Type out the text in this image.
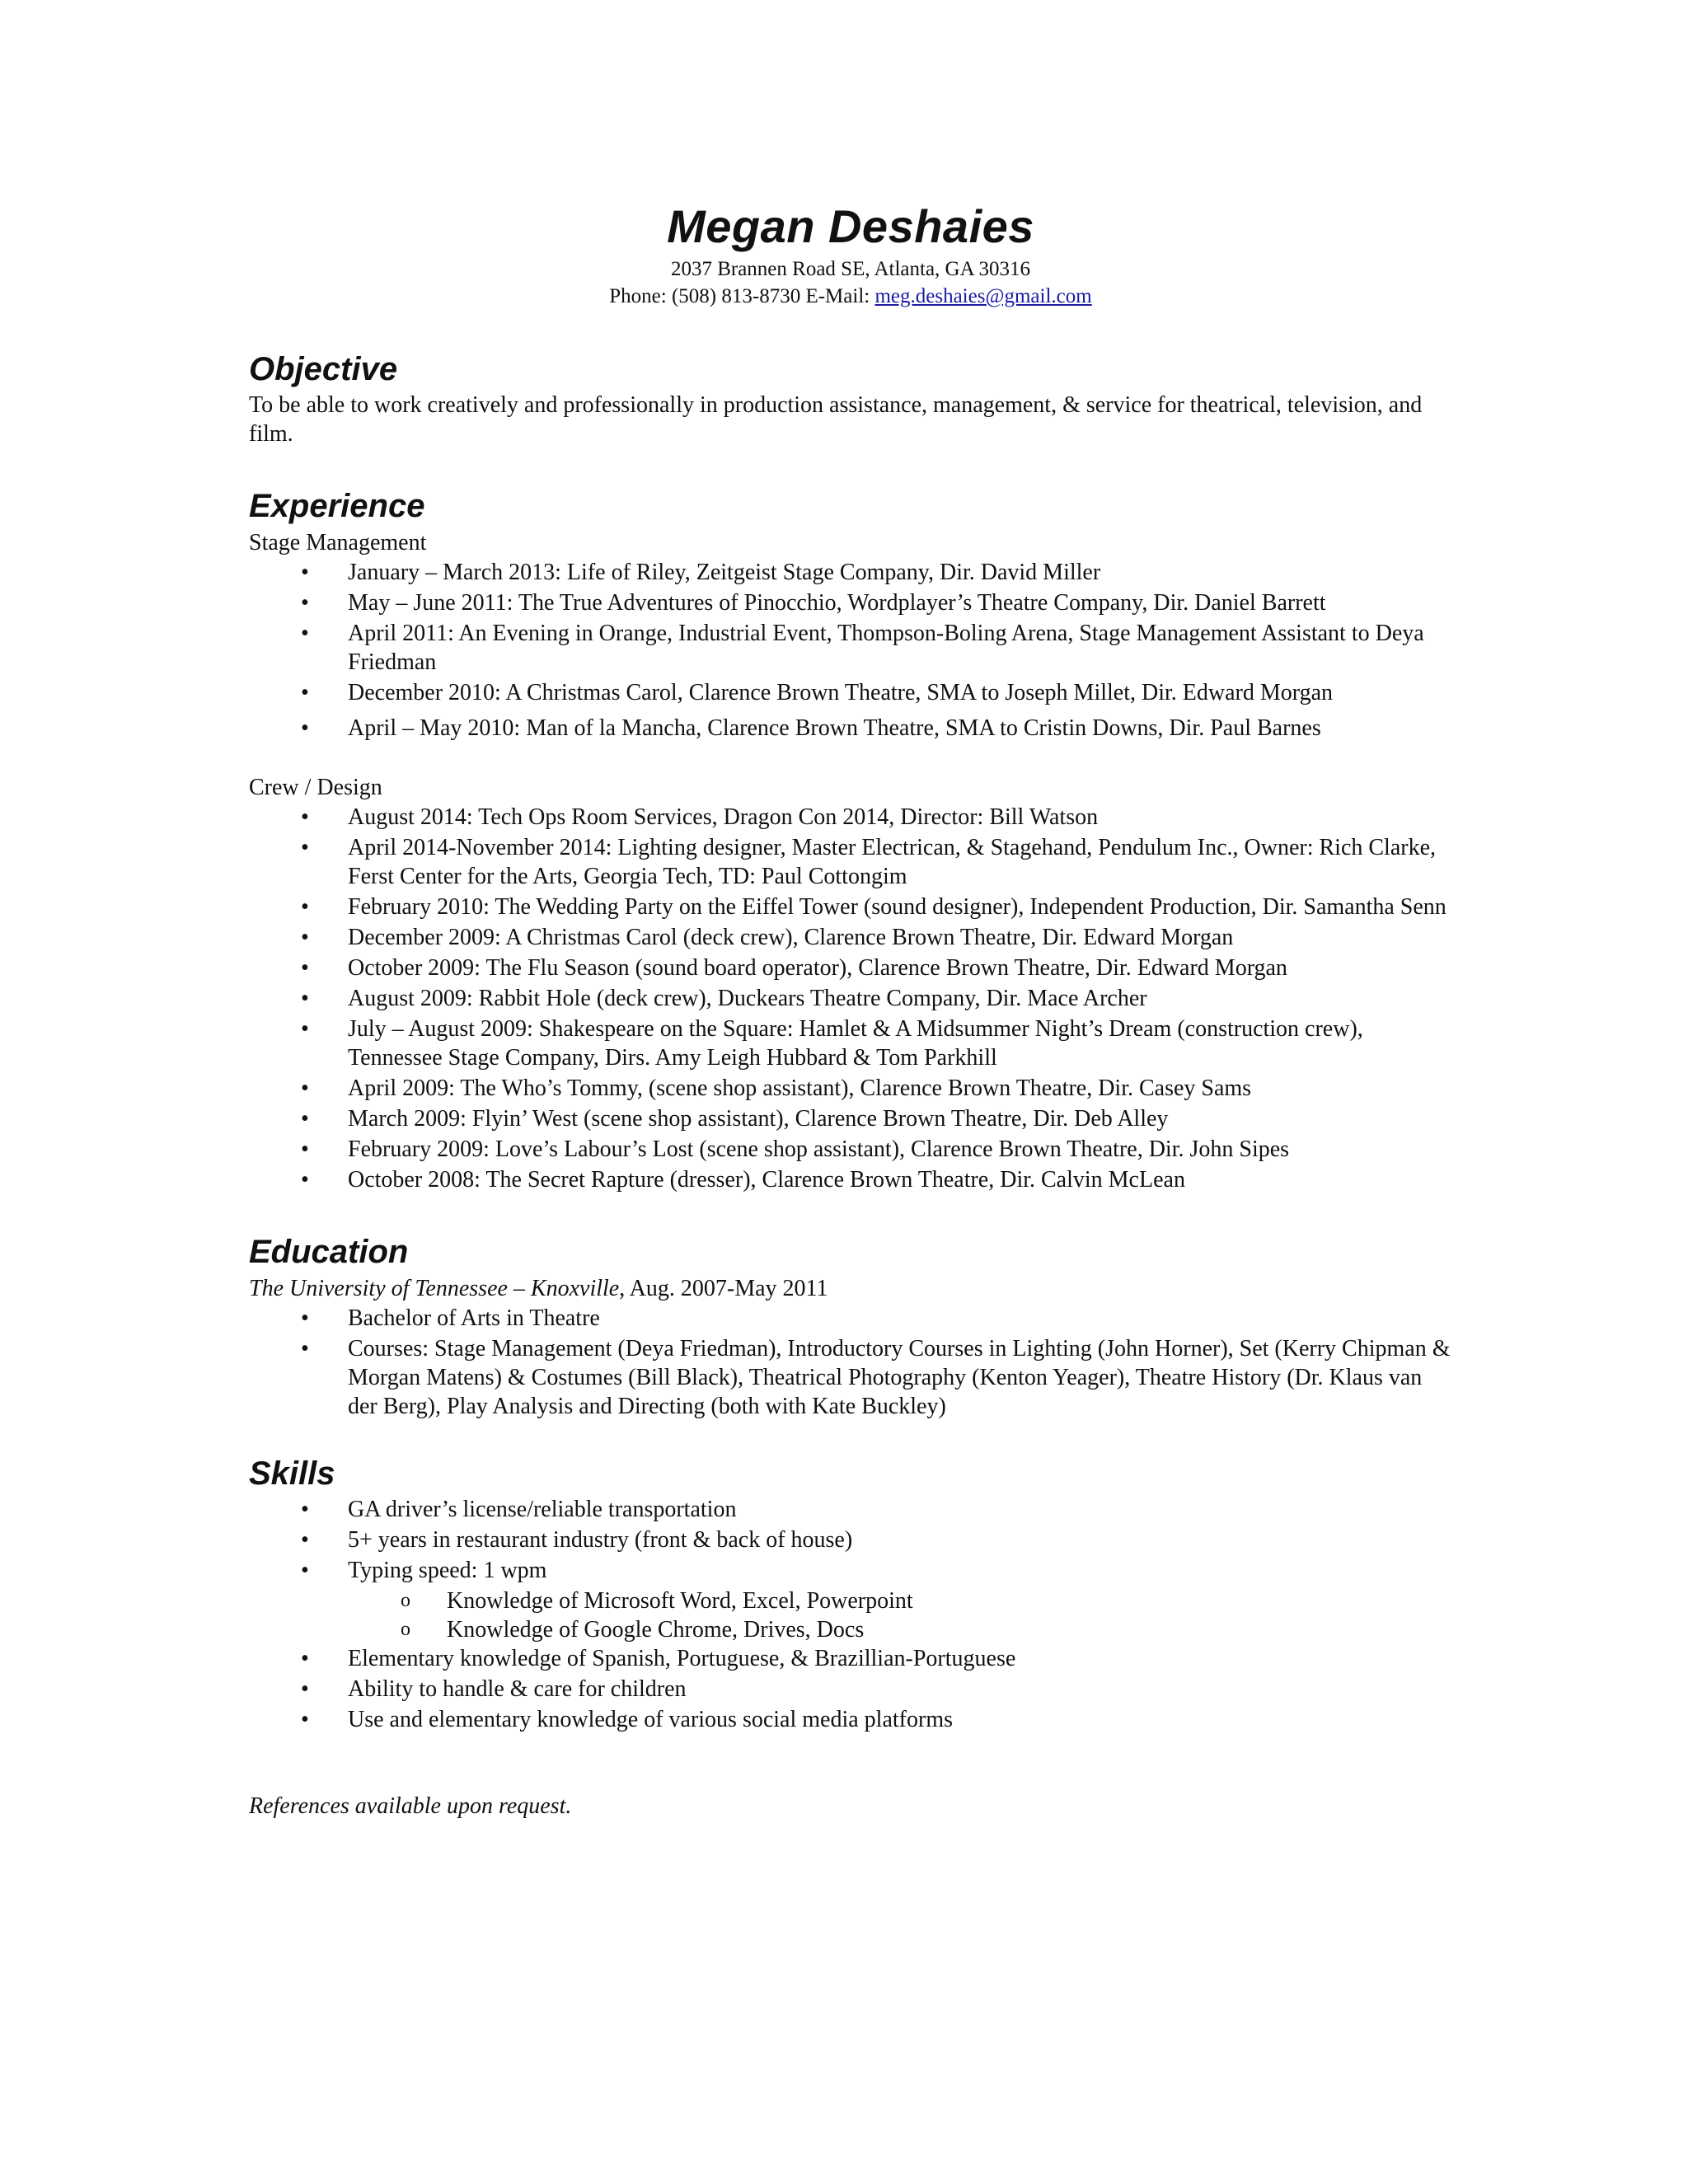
Megan Deshaies
2037 Brannen Road SE, Atlanta, GA 30316
Phone: (508) 813-8730 E-Mail: meg.deshaies@gmail.com
Objective
To be able to work creatively and professionally in production assistance, management, & service for theatrical, television, and film.
Experience
Stage Management
• January – March 2013: Life of Riley, Zeitgeist Stage Company, Dir. David Miller
• May – June 2011: The True Adventures of Pinocchio, Wordplayer’s Theatre Company, Dir. Daniel Barrett
• April 2011: An Evening in Orange, Industrial Event, Thompson-Boling Arena, Stage Management Assistant to Deya Friedman
• December 2010: A Christmas Carol, Clarence Brown Theatre, SMA to Joseph Millet, Dir. Edward Morgan
• April – May 2010: Man of la Mancha, Clarence Brown Theatre, SMA to Cristin Downs, Dir. Paul Barnes
Crew / Design
• August 2014: Tech Ops Room Services, Dragon Con 2014, Director: Bill Watson
• April 2014-November 2014: Lighting designer, Master Electrican, & Stagehand, Pendulum Inc., Owner: Rich Clarke, Ferst Center for the Arts, Georgia Tech, TD: Paul Cottongim
• February 2010: The Wedding Party on the Eiffel Tower (sound designer), Independent Production, Dir. Samantha Senn
• December 2009: A Christmas Carol (deck crew), Clarence Brown Theatre, Dir. Edward Morgan
• October 2009: The Flu Season (sound board operator), Clarence Brown Theatre, Dir. Edward Morgan
• August 2009: Rabbit Hole (deck crew), Duckears Theatre Company, Dir. Mace Archer
• July – August 2009: Shakespeare on the Square: Hamlet & A Midsummer Night’s Dream (construction crew), Tennessee Stage Company, Dirs. Amy Leigh Hubbard & Tom Parkhill
• April 2009: The Who’s Tommy, (scene shop assistant), Clarence Brown Theatre, Dir. Casey Sams
• March 2009: Flyin’ West (scene shop assistant), Clarence Brown Theatre, Dir. Deb Alley
• February 2009: Love’s Labour’s Lost (scene shop assistant), Clarence Brown Theatre, Dir. John Sipes
• October 2008: The Secret Rapture (dresser), Clarence Brown Theatre, Dir. Calvin McLean
Education
The University of Tennessee – Knoxville, Aug. 2007-May 2011
• Bachelor of Arts in Theatre
• Courses: Stage Management (Deya Friedman), Introductory Courses in Lighting (John Horner), Set (Kerry Chipman & Morgan Matens) & Costumes (Bill Black), Theatrical Photography (Kenton Yeager), Theatre History (Dr. Klaus van der Berg), Play Analysis and Directing (both with Kate Buckley)
Skills
• GA driver’s license/reliable transportation
• 5+ years in restaurant industry (front & back of house)
• Typing speed: 1 wpm
o Knowledge of Microsoft Word, Excel, Powerpoint
o Knowledge of Google Chrome, Drives, Docs
• Elementary knowledge of Spanish, Portuguese, & Brazillian-Portuguese
• Ability to handle & care for children
• Use and elementary knowledge of various social media platforms
References available upon request.
